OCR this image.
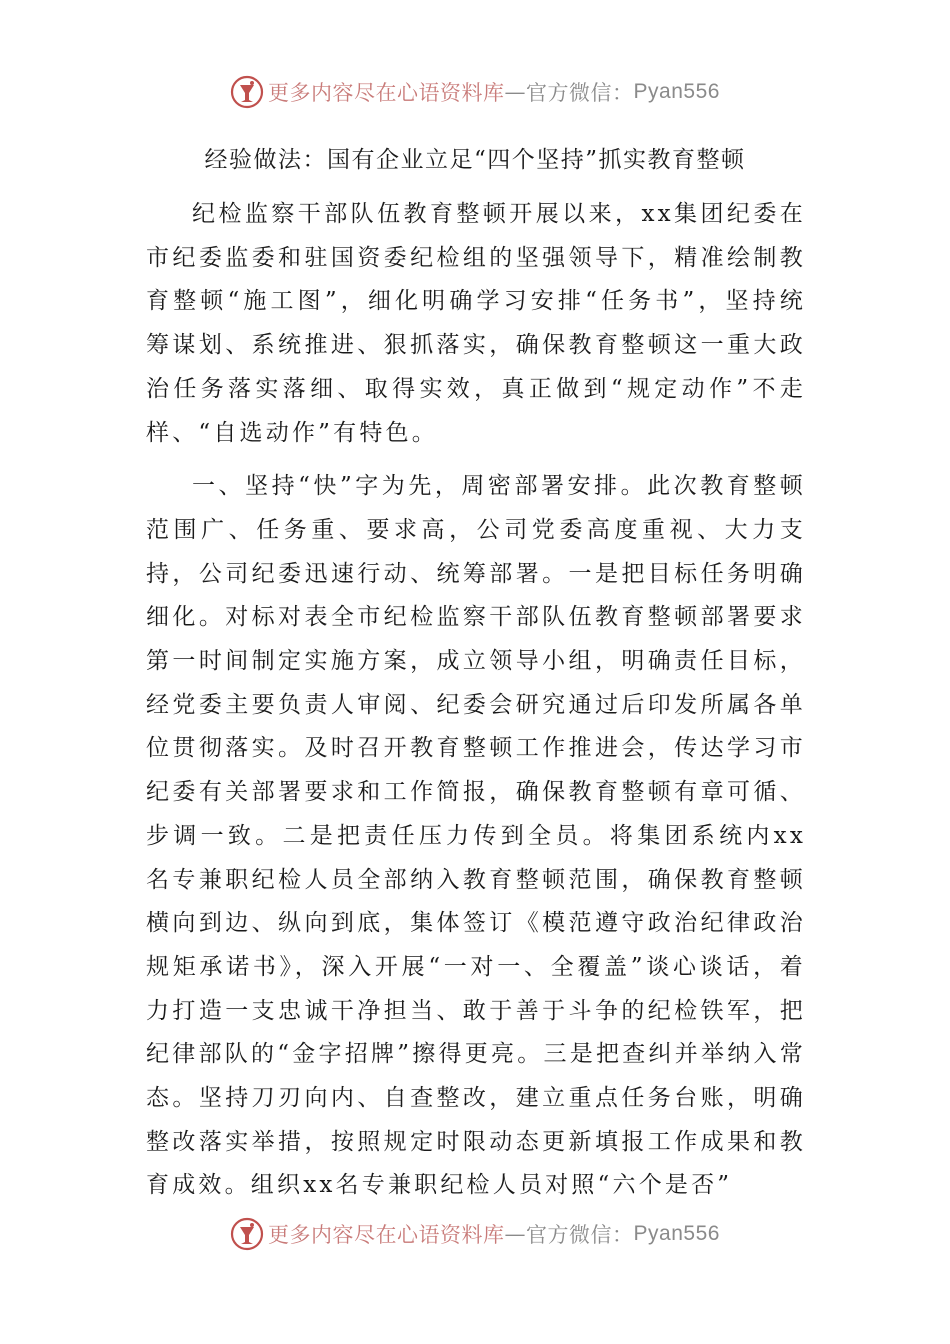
更多内容尽在心语资料库 — 官方微信： Pyan556
经验做法：国有企业立足“四个坚持”抓实教育整顿

纪检监察干部队伍教育整顿开展以来，xx集团纪委在市纪委监委和驻国资委纪检组的坚强领导下，精准绘制教育整顿“施工图”，细化明确学习安排“任务书”，坚持统筹谋划、系统推进、狠抓落实，确保教育整顿这一重大政治任务落实落细、取得实效，真正做到“规定动作”不走样、“自选动作”有特色。

一、坚持“快”字为先，周密部署安排。此次教育整顿范围广、任务重、要求高，公司党委高度重视、大力支持，公司纪委迅速行动、统筹部署。一是把目标任务明确细化。对标对表全市纪检监察干部队伍教育整顿部署要求第一时间制定实施方案，成立领导小组，明确责任目标，经党委主要负责人审阅、纪委会研究通过后印发所属各单位贯彻落实。及时召开教育整顿工作推进会，传达学习市纪委有关部署要求和工作简报，确保教育整顿有章可循、步调一致。二是把责任压力传到全员。将集团系统内xx名专兼职纪检人员全部纳入教育整顿范围，确保教育整顿横向到边、纵向到底，集体签订《模范遵守政治纪律政治规矩承诺书》，深入开展“一对一、全覆盖”谈心谈话，着力打造一支忠诚干净担当、敢于善于斗争的纪检铁军，把纪律部队的“金字招牌”擦得更亮。三是把查纠并举纳入常态。坚持刀刃向内、自查整改，建立重点任务台账，明确整改落实举措，按照规定时限动态更新填报工作成果和教育成效。组织xx名专兼职纪检人员对照“六个是否”

更多内容尽在心语资料库 — 官方微信： Pyan556
